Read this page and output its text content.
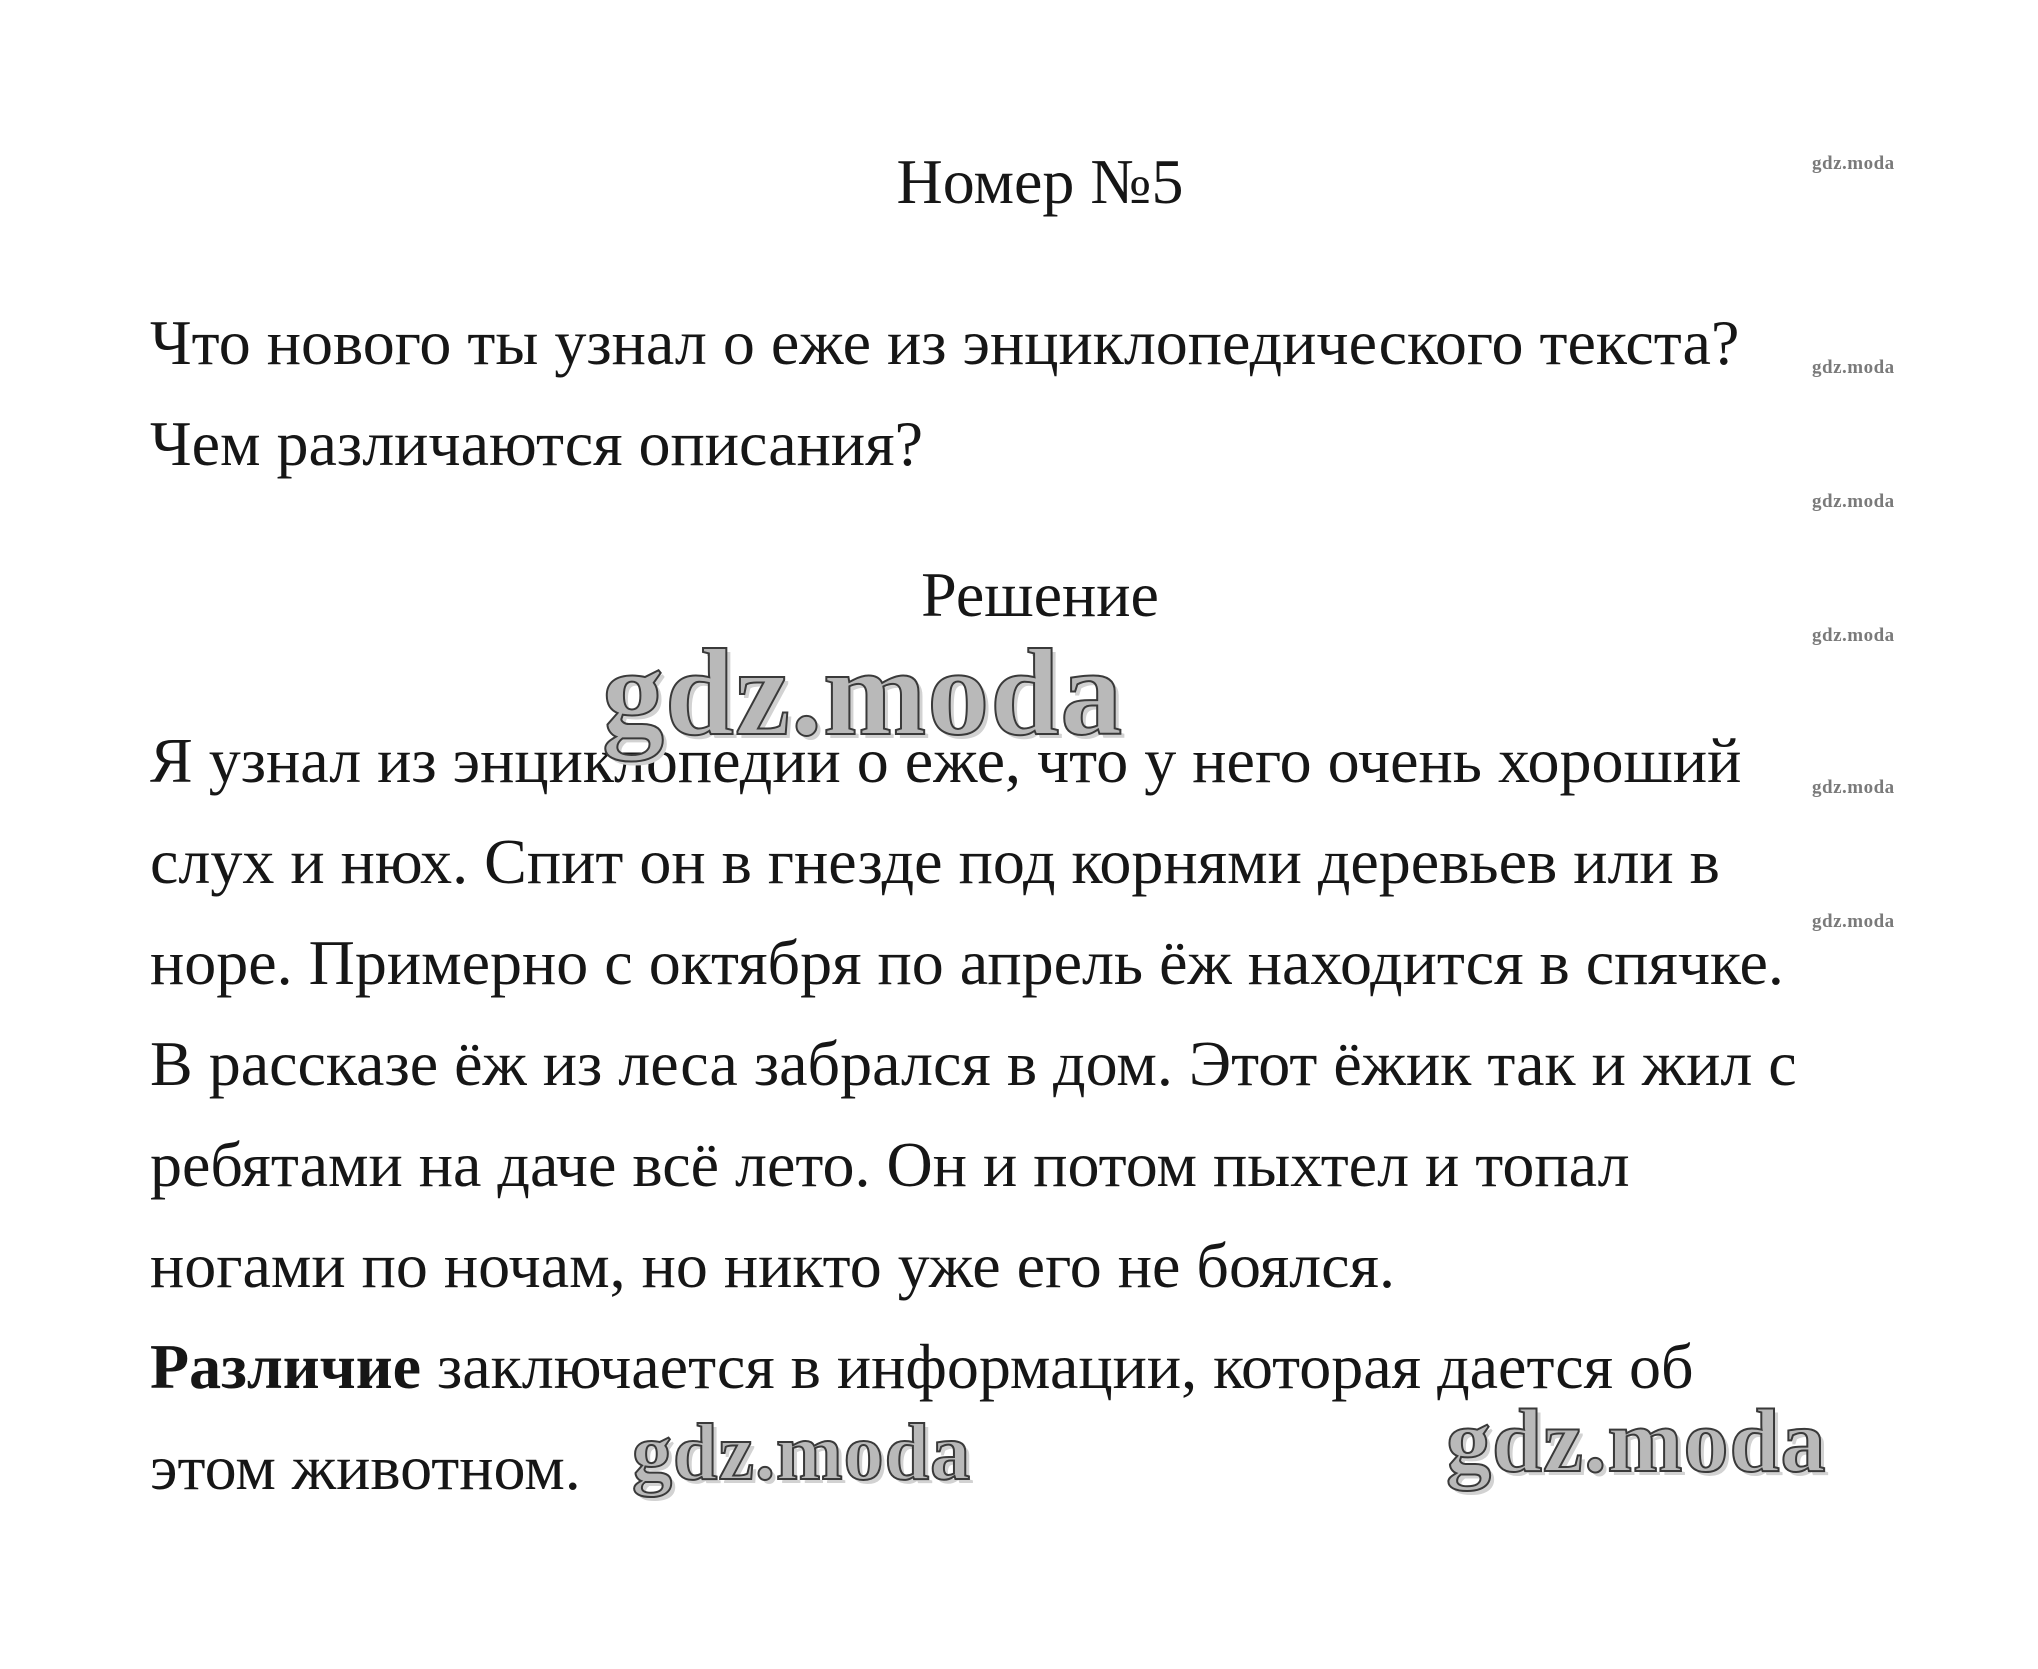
Номер №5
Что нового ты узнал о еже из энциклопедического текста?
Чем различаются описания?
Решение
Я узнал из энциклопедии о еже, что у него очень хороший
слух и нюх. Спит он в гнезде под корнями деревьев или в
норе. Примерно с октября по апрель ёж находится в спячке.
В рассказе ёж из леса забрался в дом. Этот ёжик так и жил с
ребятами на даче всё лето. Он и потом пыхтел и топал
ногами по ночам, но никто уже его не боялся.
Различие заключается в информации, которая дается об
этом животном.
gdz.moda
gdz.moda
gdz.moda
gdz.moda
gdz.moda
gdz.moda
gdz.moda
gdz.moda	gdz.moda
